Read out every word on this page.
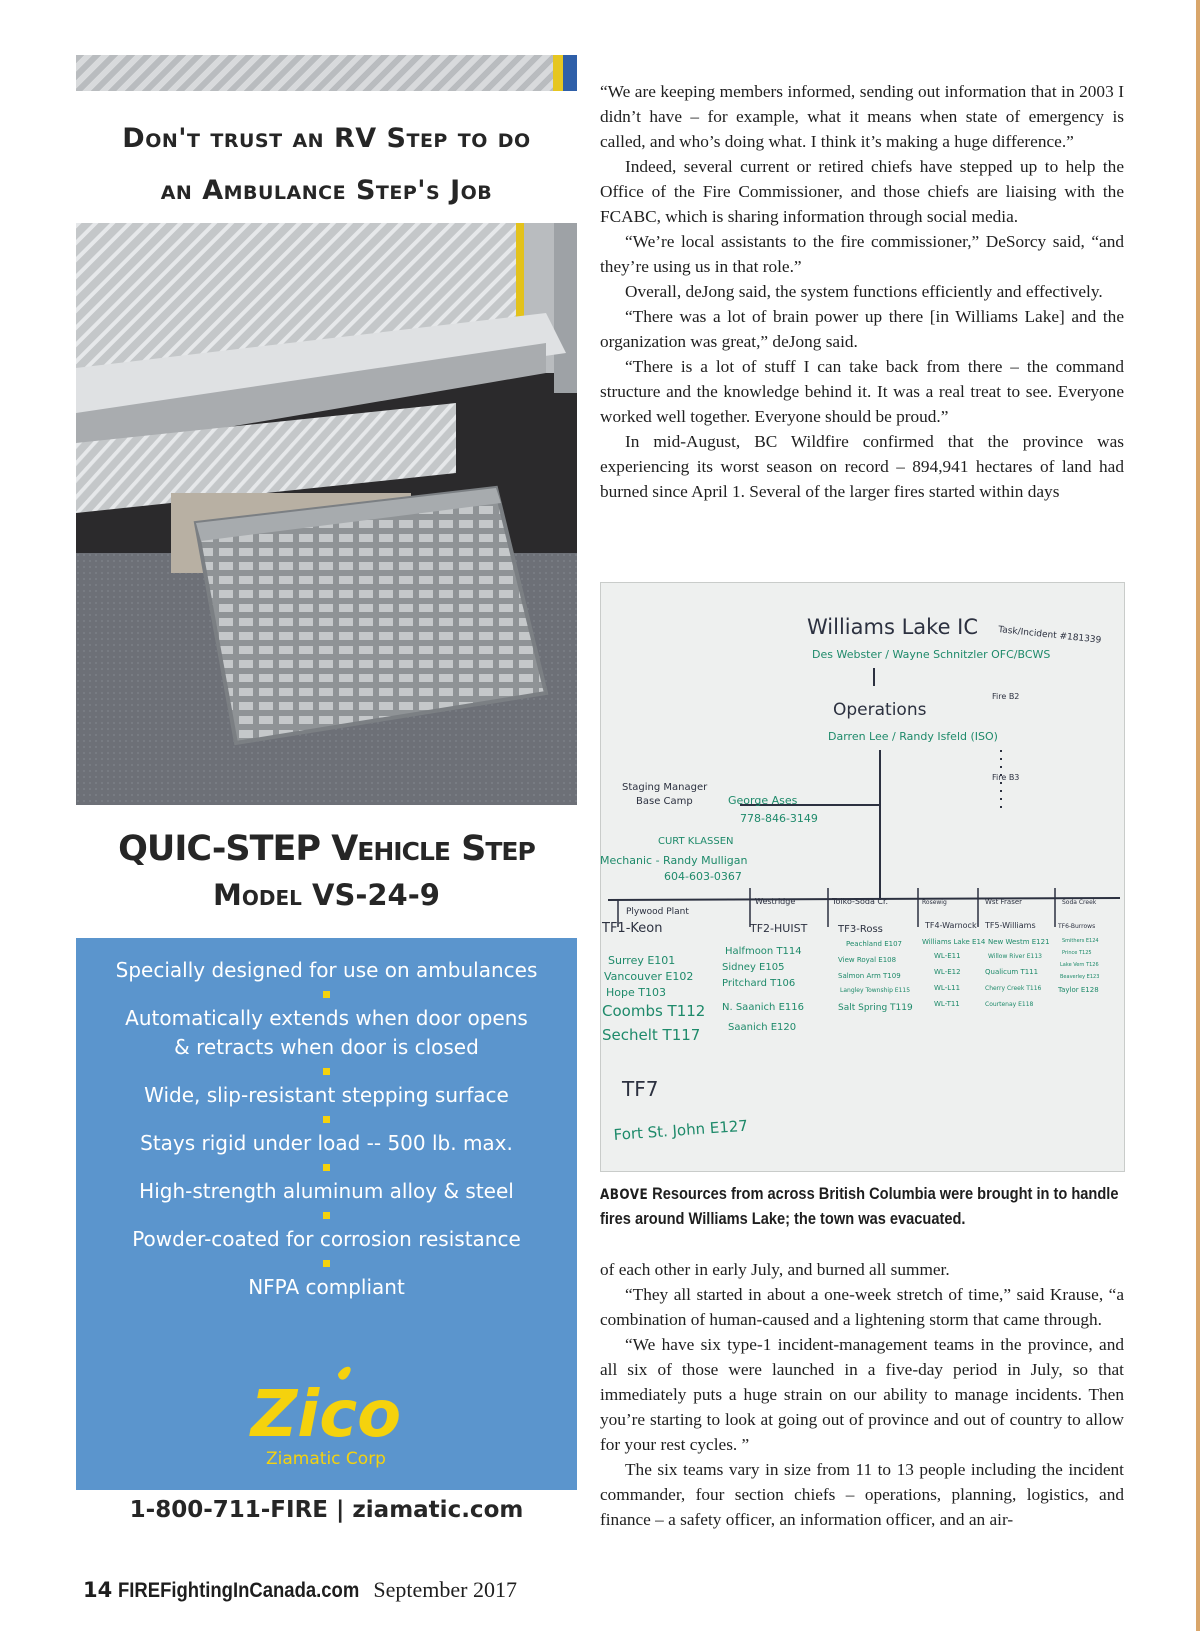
Don't trust an RV Step to do
an Ambulance Step's Job
QUIC-STEP Vehicle Step
Model VS-24-9
Specially designed for use on ambulances
Automatically extends when door opens
& retracts when door is closed
Wide, slip-resistant stepping surface
Stays rigid under load -- 500 lb. max.
High-strength aluminum alloy & steel
Powder-coated for corrosion resistance
NFPA compliant
Zico
Ziamatic Corp
1-800-711-FIRE | ziamatic.com

“We are keeping members informed, sending out information that in 2003 I didn’t have – for example, what it means when state of emergency is called, and who’s doing what. I think it’s making a huge difference.”

Indeed, several current or retired chiefs have stepped up to help the Office of the Fire Commissioner, and those chiefs are liaising with the FCABC, which is sharing information through social media.

“We’re local assistants to the fire commissioner,” DeSorcy said, “and they’re using us in that role.”

Overall, deJong said, the system functions efficiently and effectively.

“There was a lot of brain power up there [in Williams Lake] and the organization was great,” deJong said.

“There is a lot of stuff I can take back from there – the command structure and the knowledge behind it. It was a real treat to see. Everyone worked well together. Everyone should be proud.”

In mid-August, BC Wildfire confirmed that the province was experiencing its worst season on record – 894,941 hectares of land had burned since April 1. Several of the larger fires started within days

Williams Lake IC Task/Incident #181339
Des Webster / Wayne Schnitzler OFC/BCWS
Fire B2
Operations
Darren Lee / Randy Isfeld (ISO)
Fire B3
Staging Manager
Base Camp	George Ases
778-846-3149
CURT KLASSEN
Mechanic - Randy Mulligan
604-603-0367
Plywood Plant
Westridge	Tolko-Soda Cr.	Rosewig	Wst Fraser	Soda Creek
TF1-Keon
Surrey E101
Vancouver E102
Hope T103
Coombs T112
Sechelt T117
TF2-HUIST
Halfmoon T114
Sidney E105
Pritchard T106
N. Saanich E116
Saanich E120
TF3-Ross
Peachland E107
View Royal E108
Salmon Arm T109
Langley Township E115
Salt Spring T119
TF4-Warnock
Williams Lake E14
WL-E11
WL-E12
WL-L11
WL-T11
TF5-Williams
New Westm E121
Willow River E113
Qualicum T111
Cherry Creek T116
Courtenay E118
TF6-Burrows
Smithers E124
Prince T125
Lake Vern T126
Beaverley E123
Taylor E128
TF7
Fort St. John E127
ABOVE Resources from across British Columbia were brought in to handle fires around Williams Lake; the town was evacuated.

of each other in early July, and burned all summer.

“They all started in about a one-week stretch of time,” said Krause, “a combination of human-caused and a lightening storm that came through.

“We have six type-1 incident-management teams in the province, and all six of those were launched in a five-day period in July, so that immediately puts a huge strain on our ability to manage incidents. Then you’re starting to look at going out of province and out of country to allow for your rest cycles. ”

The six teams vary in size from 11 to 13 people including the incident commander, four section chiefs – operations, planning, logistics, and finance – a safety officer, an information officer, and an air-

14 FIREFightingInCanada.com September 2017
